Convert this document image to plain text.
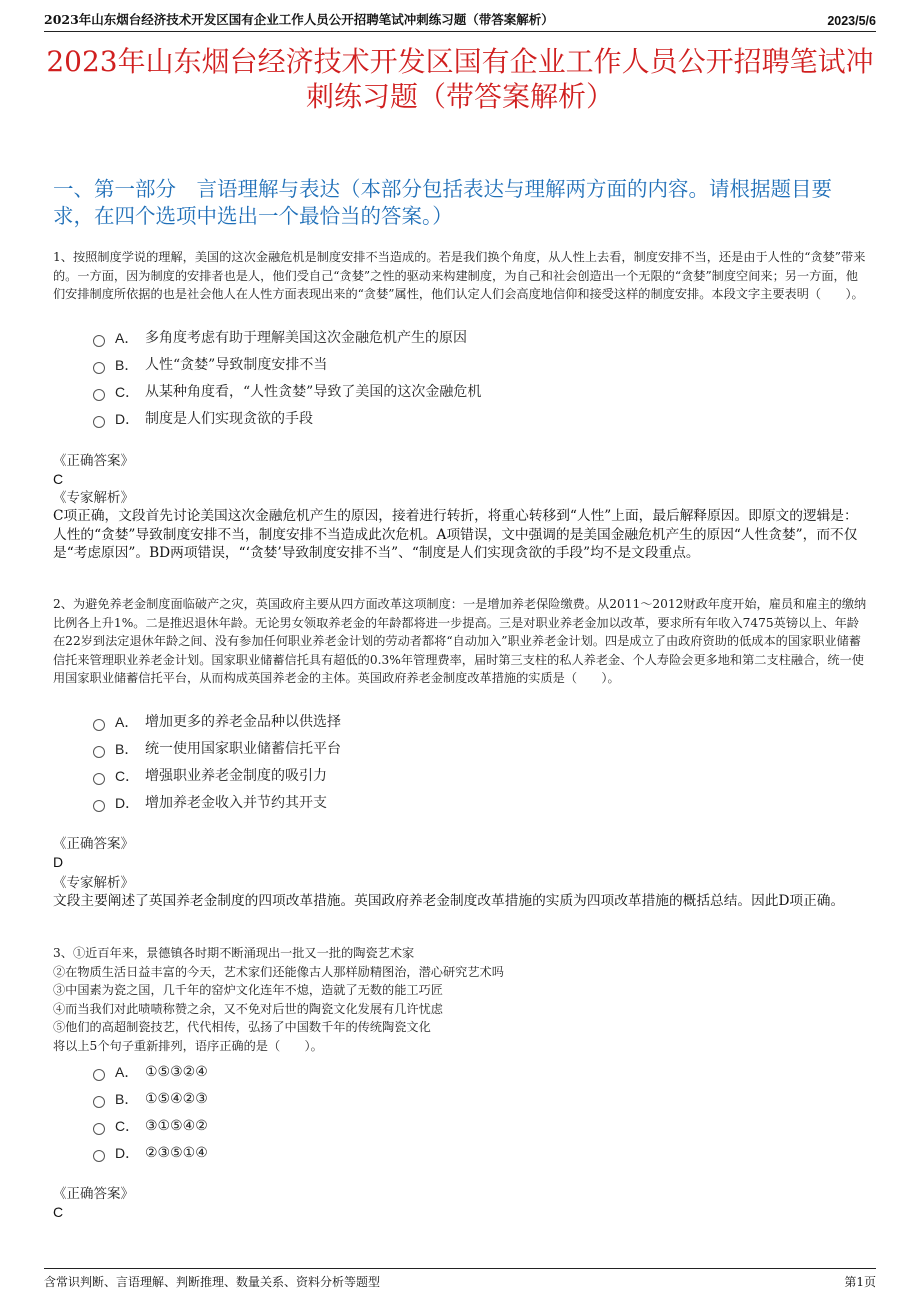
2023年山东烟台经济技术开发区国有企业工作人员公开招聘笔试冲刺练习题（带答案解析）	2023/5/6
2023年山东烟台经济技术开发区国有企业工作人员公开招聘笔试冲刺练习题（带答案解析）
一、第一部分　言语理解与表达（本部分包括表达与理解两方面的内容。请根据题目要求，在四个选项中选出一个最恰当的答案。）
1、按照制度学说的理解，美国的这次金融危机是制度安排不当造成的。若是我们换个角度，从人性上去看，制度安排不当，还是由于人性的“贪婪”带来的。一方面，因为制度的安排者也是人，他们受自己“贪婪”之性的驱动来构建制度，为自己和社会创造出一个无限的“贪婪”制度空间来；另一方面，他们安排制度所依据的也是社会他人在人性方面表现出来的“贪婪”属性，他们认定人们会高度地信仰和接受这样的制度安排。本段文字主要表明（　　）。
A． 多角度考虑有助于理解美国这次金融危机产生的原因
B． 人性“贪婪”导致制度安排不当
C． 从某种角度看，“人性贪婪”导致了美国的这次金融危机
D． 制度是人们实现贪欲的手段
《正确答案》
C
《专家解析》
C项正确，文段首先讨论美国这次金融危机产生的原因，接着进行转折，将重心转移到“人性”上面，最后解释原因。即原文的逻辑是：人性的“贪婪”导致制度安排不当，制度安排不当造成此次危机。A项错误，文中强调的是美国金融危机产生的原因“人性贪婪”，而不仅是“考虑原因”。BD两项错误，“‘贪婪’导致制度安排不当”、“制度是人们实现贪欲的手段”均不是文段重点。
2、为避免养老金制度面临破产之灾，英国政府主要从四方面改革这项制度：一是增加养老保险缴费。从2011～2012财政年度开始，雇员和雇主的缴纳比例各上升1%。二是推迟退休年龄。无论男女领取养老金的年龄都将进一步提高。三是对职业养老金加以改革，要求所有年收入7475英镑以上、年龄在22岁到法定退休年龄之间、没有参加任何职业养老金计划的劳动者都将“自动加入”职业养老金计划。四是成立了由政府资助的低成本的国家职业储蓄信托来管理职业养老金计划。国家职业储蓄信托具有超低的0.3%年管理费率，届时第三支柱的私人养老金、个人寿险会更多地和第二支柱融合，统一使用国家职业储蓄信托平台，从而构成英国养老金的主体。英国政府养老金制度改革措施的实质是（　　）。
A． 增加更多的养老金品种以供选择
B． 统一使用国家职业储蓄信托平台
C． 增强职业养老金制度的吸引力
D． 增加养老金收入并节约其开支
《正确答案》
D
《专家解析》
文段主要阐述了英国养老金制度的四项改革措施。英国政府养老金制度改革措施的实质为四项改革措施的概括总结。因此D项正确。

3、①近百年来，景德镇各时期不断涌现出一批又一批的陶瓷艺术家

②在物质生活日益丰富的今天，艺术家们还能像古人那样励精图治，潜心研究艺术吗

③中国素为瓷之国，几千年的窑炉文化连年不熄，造就了无数的能工巧匠

④而当我们对此啧啧称赞之余，又不免对后世的陶瓷文化发展有几许忧虑

⑤他们的高超制瓷技艺，代代相传，弘扬了中国数千年的传统陶瓷文化

将以上5个句子重新排列，语序正确的是（　　）。

A． ①⑤③②④
B． ①⑤④②③
C． ③①⑤④②
D． ②③⑤①④
《正确答案》
C
含常识判断、言语理解、判断推理、数量关系、资料分析等题型	第1页
